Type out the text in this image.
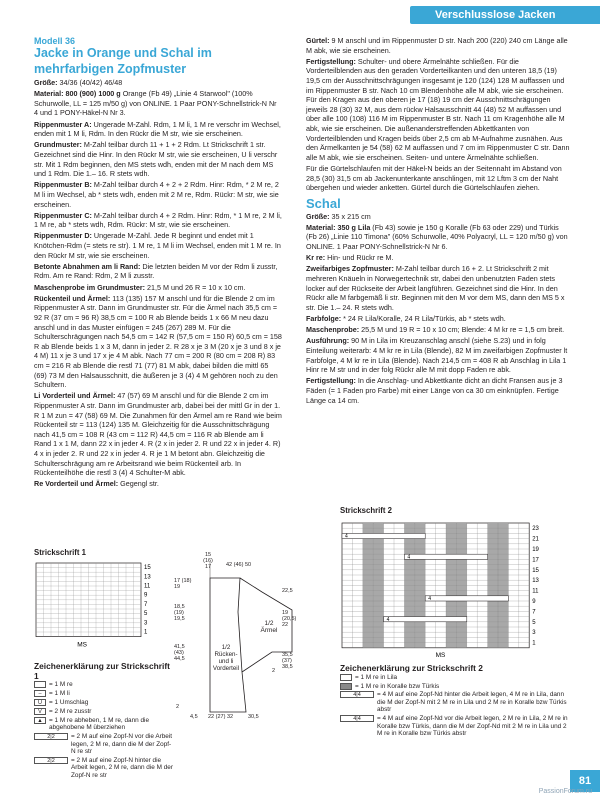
Verschlusslose Jacken
Modell 36
Jacke in Orange und Schal im
mehrfarbigen Zopfmuster
Größe: 34/36 (40/42) 46/48
Material: 800 (900) 1000 g Orange (Fb 49) „Linie 4 Starwool" (100% Schurwolle, LL = 125 m/50 g) von ONLINE. 1 Paar PONY-Schnellstrick-N Nr 4 und 1 PONY-Häkel-N Nr 3.
Rippenmuster A: Ungerade M-Zahl. Rdm, 1 M li, 1 M re verschr im Wechsel, enden mit 1 M li, Rdm. In den Rückr die M str, wie sie erscheinen.
Grundmuster: M-Zahl teilbar durch 11 + 1 + 2 Rdm. Lt Strickschrift 1 str. Gezeichnet sind die Hinr. In den Rückr M str, wie sie erscheinen, U li verschr str. Mit 1 Rdm beginnen, den MS stets wdh, enden mit der M nach dem MS und 1 Rdm. Die 1.– 16. R stets wdh.
Rippenmuster B: M-Zahl teilbar durch 4 + 2 + 2 Rdm. Hinr: Rdm, * 2 M re, 2 M li im Wechsel, ab * stets wdh, enden mit 2 M re, Rdm. Rückr: M str, wie sie erscheinen.
Rippenmuster C: M-Zahl teilbar durch 4 + 2 Rdm. Hinr: Rdm, * 1 M re, 2 M li, 1 M re, ab * stets wdh, Rdm. Rückr: M str, wie sie erscheinen.
Rippenmuster D: Ungerade M-Zahl. Jede R beginnt und endet mit 1 Knötchen-Rdm (= stets re str). 1 M re, 1 M li im Wechsel, enden mit 1 M re. In den Rückr M str, wie sie erscheinen.
Betonte Abnahmen am li Rand: Die letzten beiden M vor der Rdm li zusstr, Rdm. Am re Rand: Rdm, 2 M li zusstr.
Maschenprobe im Grundmuster: 21,5 M und 26 R = 10 x 10 cm.
Rückenteil und Ärmel: 113 (135) 157 M anschl und für die Blende 2 cm im Rippenmuster A str. Dann im Grundmuster str. Für die Ärmel nach 35,5 cm = 92 R (37 cm = 96 R) 38,5 cm = 100 R ab Blende beids 1 x 66 M neu dazu anschl und in das Muster einfügen = 245 (267) 289 M. Für die Schulterschrägungen nach 54,5 cm = 142 R (57,5 cm = 150 R) 60,5 cm = 158 R ab Blende beids 1 x 3 M, dann in jeder 2. R 28 x je 3 M (20 x je 3 und 8 x je 4 M) 11 x je 3 und 17 x je 4 M abk. Nach 77 cm = 200 R (80 cm = 208 R) 83 cm = 216 R ab Blende die restl 71 (77) 81 M abk, dabei bilden die mittl 65 (69) 73 M den Halsausschnitt, die äußeren je 3 (4) 4 M gehören noch zu den Schultern.
Li Vorderteil und Ärmel: 47 (57) 69 M anschl und für die Blende 2 cm im Rippenmuster A str. Dann im Grundmuster arb, dabei bei der mittl Gr in der 1. R 1 M zun = 47 (58) 69 M. Die Zunahmen für den Ärmel am re Rand wie beim Rückenteil str = 113 (124) 135 M. Gleichzeitig für die Ausschnittschrägung nach 41,5 cm = 108 R (43 cm = 112 R) 44,5 cm = 116 R ab Blende am li Rand 1 x 1 M, dann 22 x in jeder 4. R (2 x in jeder 2. R und 22 x in jeder 4. R) 4 x in jeder 2. R und 22 x in jeder 4. R je 1 M betont abn. Gleichzeitig die Schulterschrägung am re Arbeitsrand wie beim Rückenteil arb. In Rückenteilhöhe die restl 3 (4) 4 Schulter-M abk.
Re Vorderteil und Ärmel: Gegengl str.
Gürtel: 9 M anschl und im Rippenmuster D str. Nach 200 (220) 240 cm Länge alle M abk, wie sie erscheinen.
Fertigstellung: Schulter- und obere Ärmelnähte schließen. Für die Vorderteilblenden aus den geraden Vorderteilkanten und den unteren 18,5 (19) 19,5 cm der Ausschnittschrägungen insgesamt je 120 (124) 128 M auffassen und im Rippenmuster B str. Nach 10 cm Blendenhöhe alle M abk, wie sie erscheinen. Für den Kragen aus den oberen je 17 (18) 19 cm der Ausschnittschrägungen jeweils 28 (30) 32 M, aus dem rückw Halsausschnitt 44 (48) 52 M auffassen und über alle 100 (108) 116 M im Rippenmuster B str. Nach 11 cm Kragenhöhe alle M abk, wie sie erscheinen. Die außenanderstreffenden Abkettkanten von Vorderteilblenden und Kragen beids über 2,5 cm ab M-Aufnahme zusnähen. Aus den Ärmelkanten je 54 (58) 62 M auffassen und 7 cm im Rippenmuster C str. Dann alle M abk, wie sie erscheinen. Seiten- und untere Ärmelnähte schließen.
Für die Gürtelschlaufen mit der Häkel-N beids an der Seitennaht im Abstand von 28,5 (30) 31,5 cm ab Jackenunterkante anschlingen, mit 12 Lftm 3 cm der Naht übergehen und wieder anketten. Gürtel durch die Gürtelschlaufen ziehen.
Schal
Größe: 35 x 215 cm
Material: 350 g Lila (Fb 43) sowie je 150 g Koralle (Fb 63 oder 229) und Türkis (Fb 26) „Linie 110 Timona" (60% Schurwolle, 40% Polyacryl, LL = 120 m/50 g) von ONLINE. 1 Paar PONY-Schnellstrick-N Nr 6.
Kr re: Hin- und Rückr re M.
Zweifarbiges Zopfmuster: M-Zahl teilbar durch 16 + 2. Lt Strickschrift 2 mit mehreren Knäueln in Norwegertechnik str, dabei den unbenutzten Faden stets locker auf der Rückseite der Arbeit langführen. Gezeichnet sind die Hinr. In den Rückr alle M farbgemäß li str. Beginnen mit den M vor dem MS, dann den MS 5 x str. Die 1.– 24. R stets wdh.
Farbfolge: * 24 R Lila/Koralle, 24 R Lila/Türkis, ab * stets wdh.
Maschenprobe: 25,5 M und 19 R = 10 x 10 cm; Blende: 4 M kr re = 1,5 cm breit.
Ausführung: 90 M in Lila im Kreuzanschlag anschl (siehe S.23) und in folg Einteilung weiterarb: 4 M kr re in Lila (Blende), 82 M im zweifarbigen Zopfmuster lt Farbfolge, 4 M kr re in Lila (Blende). Nach 214,5 cm = 408 R ab Anschlag in Lila 1 Hinr re M str und in der folg Rückr alle M mit dopp Faden re abk.
Fertigstellung: In die Anschlag- und Abkettkante dicht an dicht Fransen aus je 3 Fäden (= 1 Faden pro Farbe) mit einer Länge von ca 30 cm einknüpfen. Fertige Länge ca 14 cm.
Strickschrift 1
15
13
11
9
7
5
3
1
MS
15 (16) 17	42 (46) 50
17 (18) 19
22,5
18,5 (19) 19,5
19 (20,5) 22
41,5 (43) 44,5
35,5 (37) 38,5
2
2
22 (27) 32	30,5
4,5
1/2 Ärmel
1/2 Rücken- und li Vorderteil
Zeichenerklärung zur Strickschrift 1
= 1 M re
–	= 1 M li
U	= 1 Umschlag
V	= 2 M re zusstr
▲ = 1 M re abheben, 1 M re, dann die abgehobene M überziehen
2|2	= 2 M auf eine Zopf-N vor die Arbeit legen, 2 M re, dann die M der Zopf-N re str
2|2	= 2 M auf eine Zopf-N hinter die Arbeit legen, 2 M re, dann die M der Zopf-N re str
Strickschrift 2
4
4
4
4
23
21
19
17
15
13
11
9
7
5
3
1
MS
Zeichenerklärung zur Strickschrift 2
= 1 M re in Lila
= 1 M re in Koralle bzw Türkis
4|4	= 4 M auf eine Zopf-Nd hinter die Arbeit legen, 4 M re in Lila, dann die M der Zopf-N mit 2 M re in Lila und 2 M re in Koralle bzw Türkis abstr
4|4	= 4 M auf eine Zopf-Nd vor die Arbeit legen, 2 M re in Lila, 2 M re in Koralle bzw Türkis, dann die M der Zopf-Nd mit 2 M re in Lila und 2 M re in Koralle bzw Türkis abstr
81
PassionForum.ru
